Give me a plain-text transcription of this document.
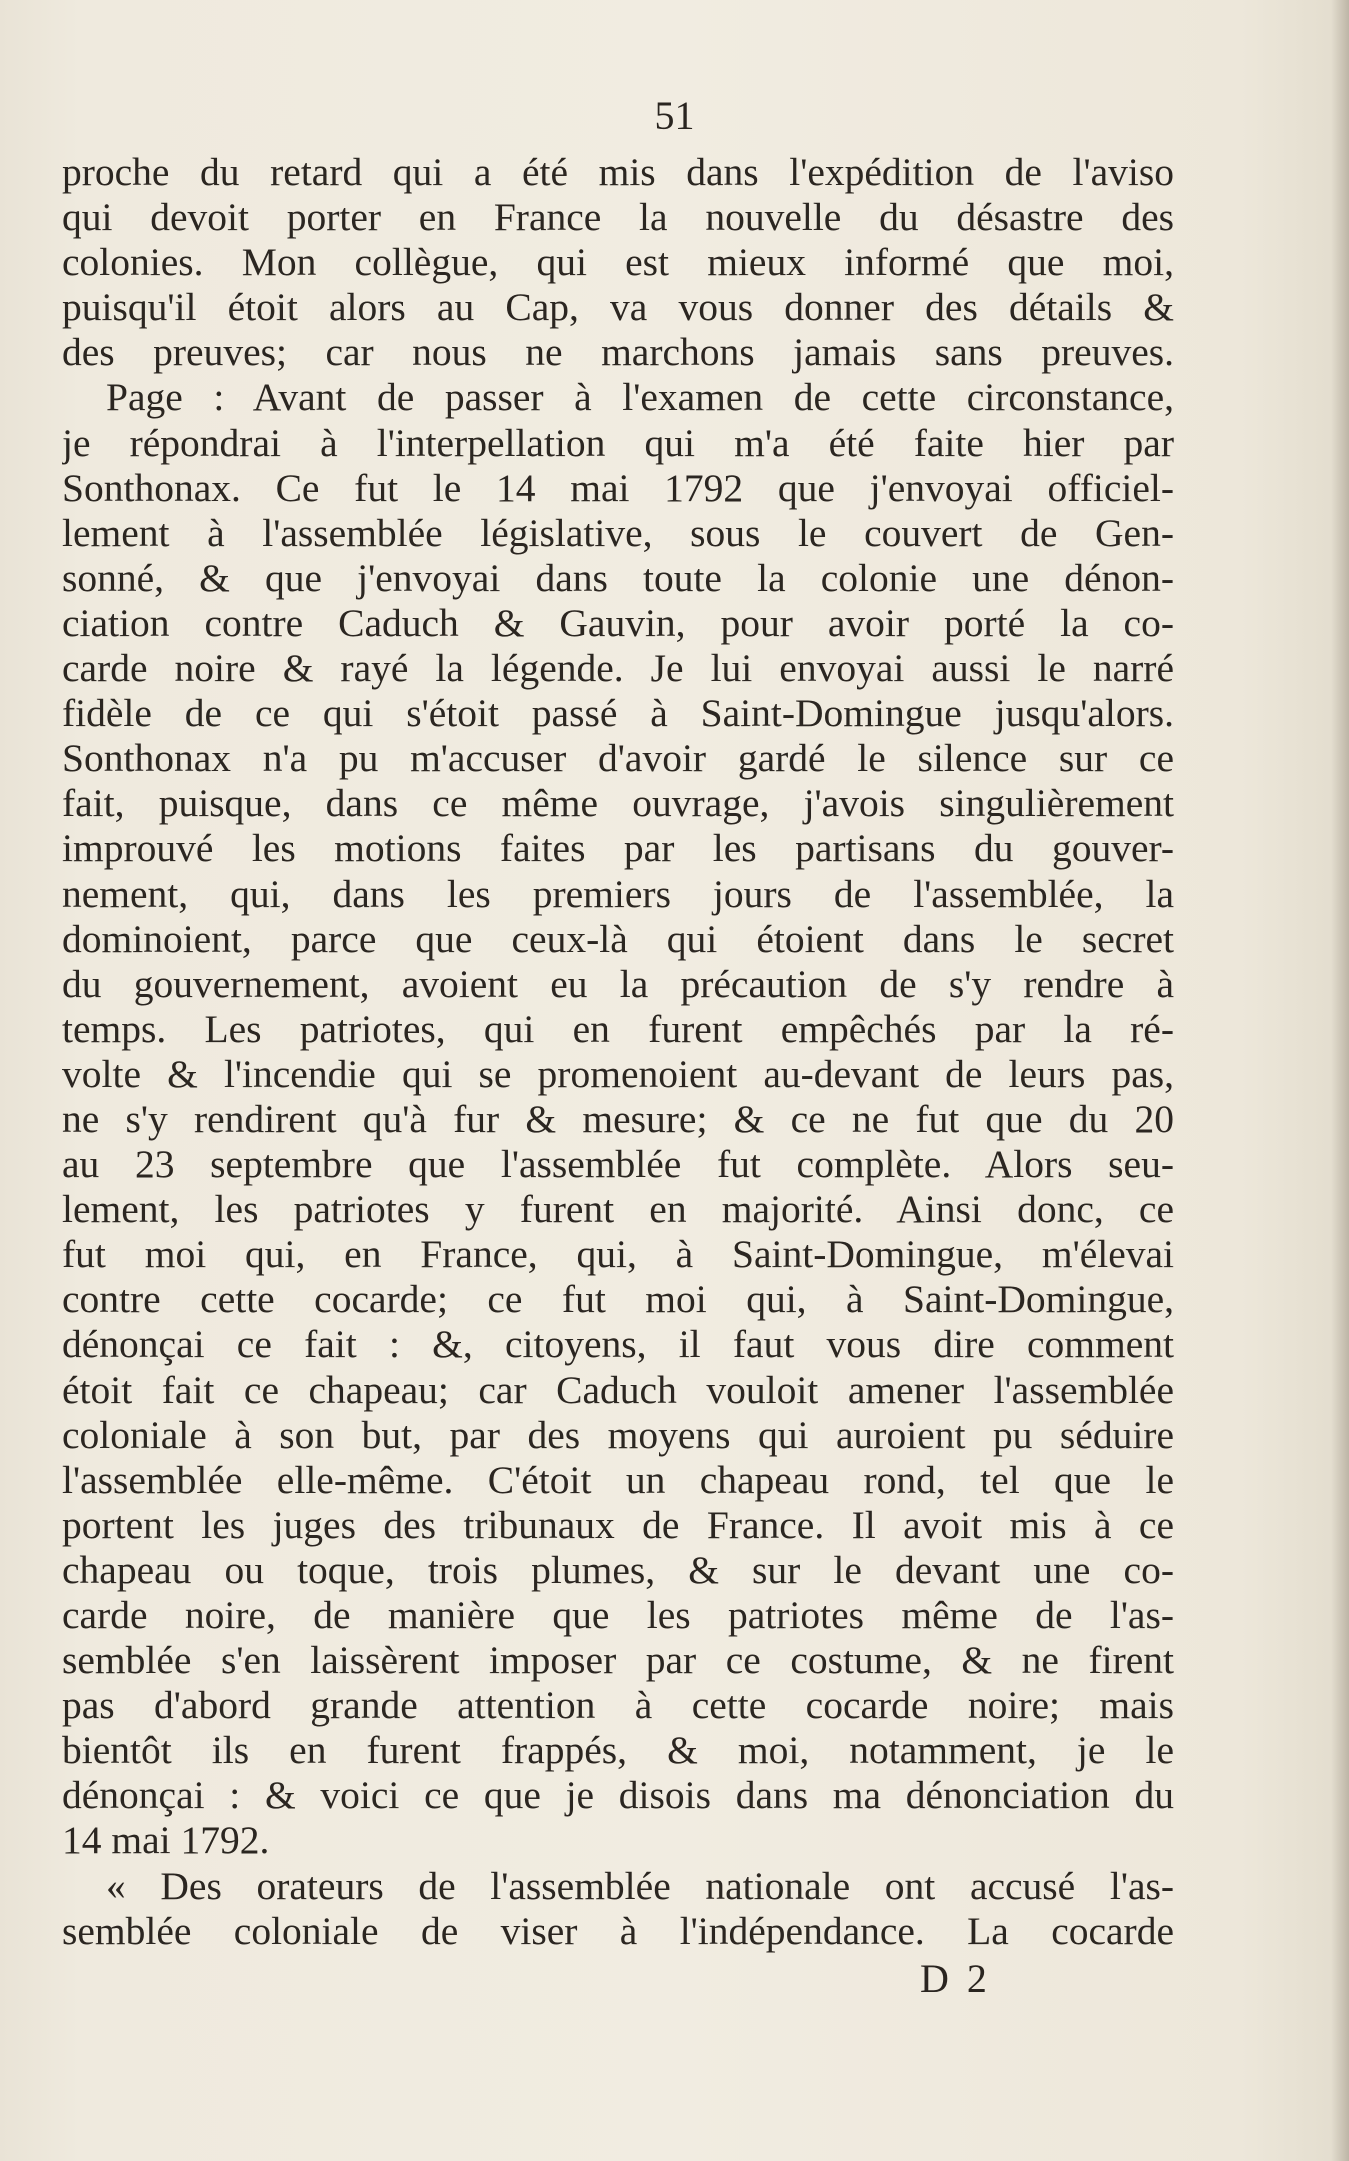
51
proche du retard qui a été mis dans l'expédition de l'aviso
qui devoit porter en France la nouvelle du désastre des
colonies. Mon collègue, qui est mieux informé que moi,
puisqu'il étoit alors au Cap, va vous donner des détails &
des preuves; car nous ne marchons jamais sans preuves.
Page : Avant de passer à l'examen de cette circonstance,
je répondrai à l'interpellation qui m'a été faite hier par
Sonthonax. Ce fut le 14 mai 1792 que j'envoyai officiel-
lement à l'assemblée législative, sous le couvert de Gen-
sonné, & que j'envoyai dans toute la colonie une dénon-
ciation contre Caduch & Gauvin, pour avoir porté la co-
carde noire & rayé la légende. Je lui envoyai aussi le narré
fidèle de ce qui s'étoit passé à Saint-Domingue jusqu'alors.
Sonthonax n'a pu m'accuser d'avoir gardé le silence sur ce
fait, puisque, dans ce même ouvrage, j'avois singulièrement
improuvé les motions faites par les partisans du gouver-
nement, qui, dans les premiers jours de l'assemblée, la
dominoient, parce que ceux-là qui étoient dans le secret
du gouvernement, avoient eu la précaution de s'y rendre à
temps. Les patriotes, qui en furent empêchés par la ré-
volte & l'incendie qui se promenoient au-devant de leurs pas,
ne s'y rendirent qu'à fur & mesure; & ce ne fut que du 20
au 23 septembre que l'assemblée fut complète. Alors seu-
lement, les patriotes y furent en majorité. Ainsi donc, ce
fut moi qui, en France, qui, à Saint-Domingue, m'élevai
contre cette cocarde; ce fut moi qui, à Saint-Domingue,
dénonçai ce fait : &, citoyens, il faut vous dire comment
étoit fait ce chapeau; car Caduch vouloit amener l'assemblée
coloniale à son but, par des moyens qui auroient pu séduire
l'assemblée elle-même. C'étoit un chapeau rond, tel que le
portent les juges des tribunaux de France. Il avoit mis à ce
chapeau ou toque, trois plumes, & sur le devant une co-
carde noire, de manière que les patriotes même de l'as-
semblée s'en laissèrent imposer par ce costume, & ne firent
pas d'abord grande attention à cette cocarde noire; mais
bientôt ils en furent frappés, & moi, notamment, je le
dénonçai : & voici ce que je disois dans ma dénonciation du
14 mai 1792.
« Des orateurs de l'assemblée nationale ont accusé l'as-
semblée coloniale de viser à l'indépendance. La cocarde
D 2
